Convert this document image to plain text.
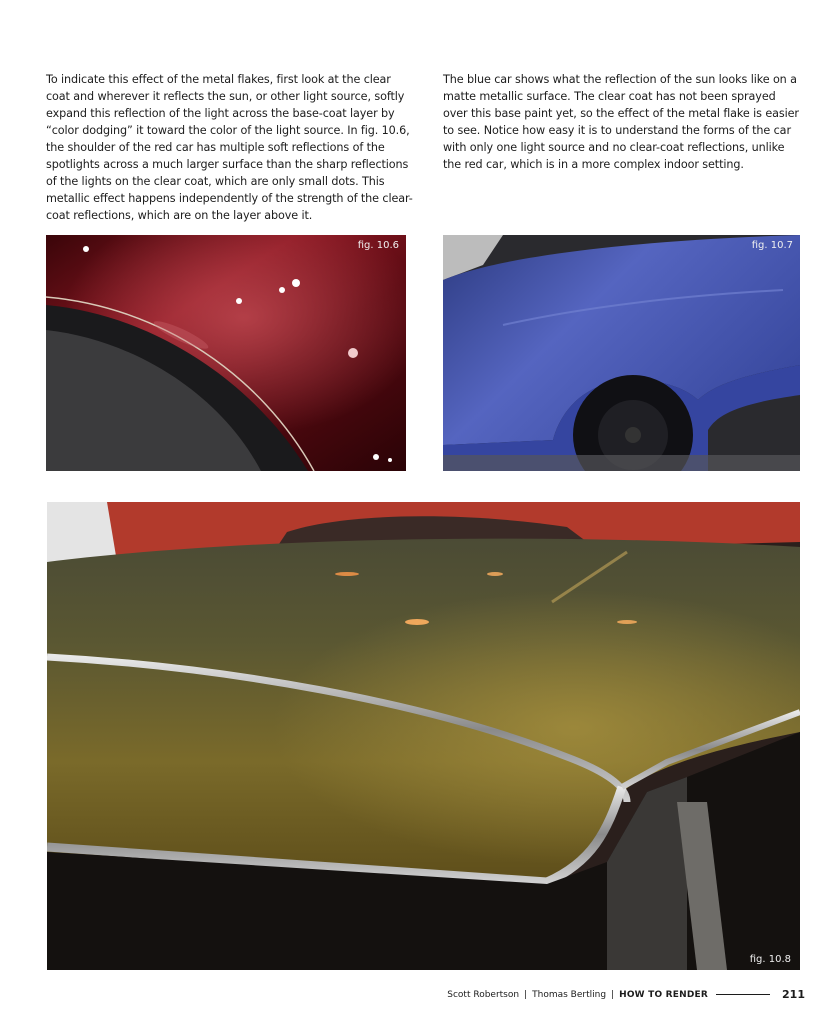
To indicate this effect of the metal flakes, first look at the clear coat and wherever it reflects the sun, or other light source, softly expand this reflection of the light across the base-coat layer by “color dodging” it toward the color of the light source. In fig. 10.6, the shoulder of the red car has multiple soft reflections of the spotlights across a much larger surface than the sharp reflections of the lights on the clear coat, which are only small dots. This metallic effect happens independently of the strength of the clear-coat reflections, which are on the layer above it.

The blue car shows what the reflection of the sun looks like on a matte metallic surface. The clear coat has not been sprayed over this base paint yet, so the effect of the metal flake is easier to see. Notice how easy it is to understand the forms of the car with only one light source and no clear-coat reflections, unlike the red car, which is in a more complex indoor setting.

fig. 10.6	fig. 10.7
fig. 10.8
Scott Robertson | Thomas Bertling | HOW TO RENDER	211
